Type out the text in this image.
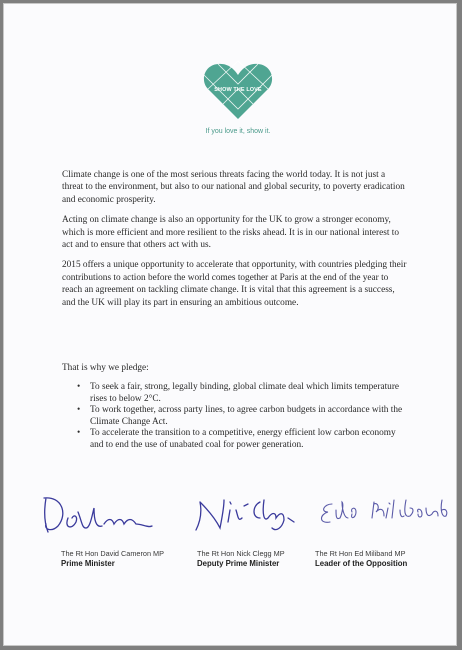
SHOW THE LOVE
If you love it, show it.

Climate change is one of the most serious threats facing the world today. It is not just a threat to the environment, but also to our national and global security, to poverty eradication and economic prosperity.

Acting on climate change is also an opportunity for the UK to grow a stronger economy, which is more efficient and more resilient to the risks ahead. It is in our national interest to act and to ensure that others act with us.

2015 offers a unique opportunity to accelerate that opportunity, with countries pledging their contributions to action before the world comes together at Paris at the end of the year to reach an agreement on tackling climate change. It is vital that this agreement is a success, and the UK will play its part in ensuring an ambitious outcome.

That is why we pledge:
• To seek a fair, strong, legally binding, global climate deal which limits temperature rises to below 2°C.
• To work together, across party lines, to agree carbon budgets in accordance with the Climate Change Act.
• To accelerate the transition to a competitive, energy efficient low carbon economy and to end the use of unabated coal for power generation.
The Rt Hon David Cameron MP
Prime Minister
The Rt Hon Nick Clegg MP
Deputy Prime Minister
The Rt Hon Ed Miliband MP
Leader of the Opposition
